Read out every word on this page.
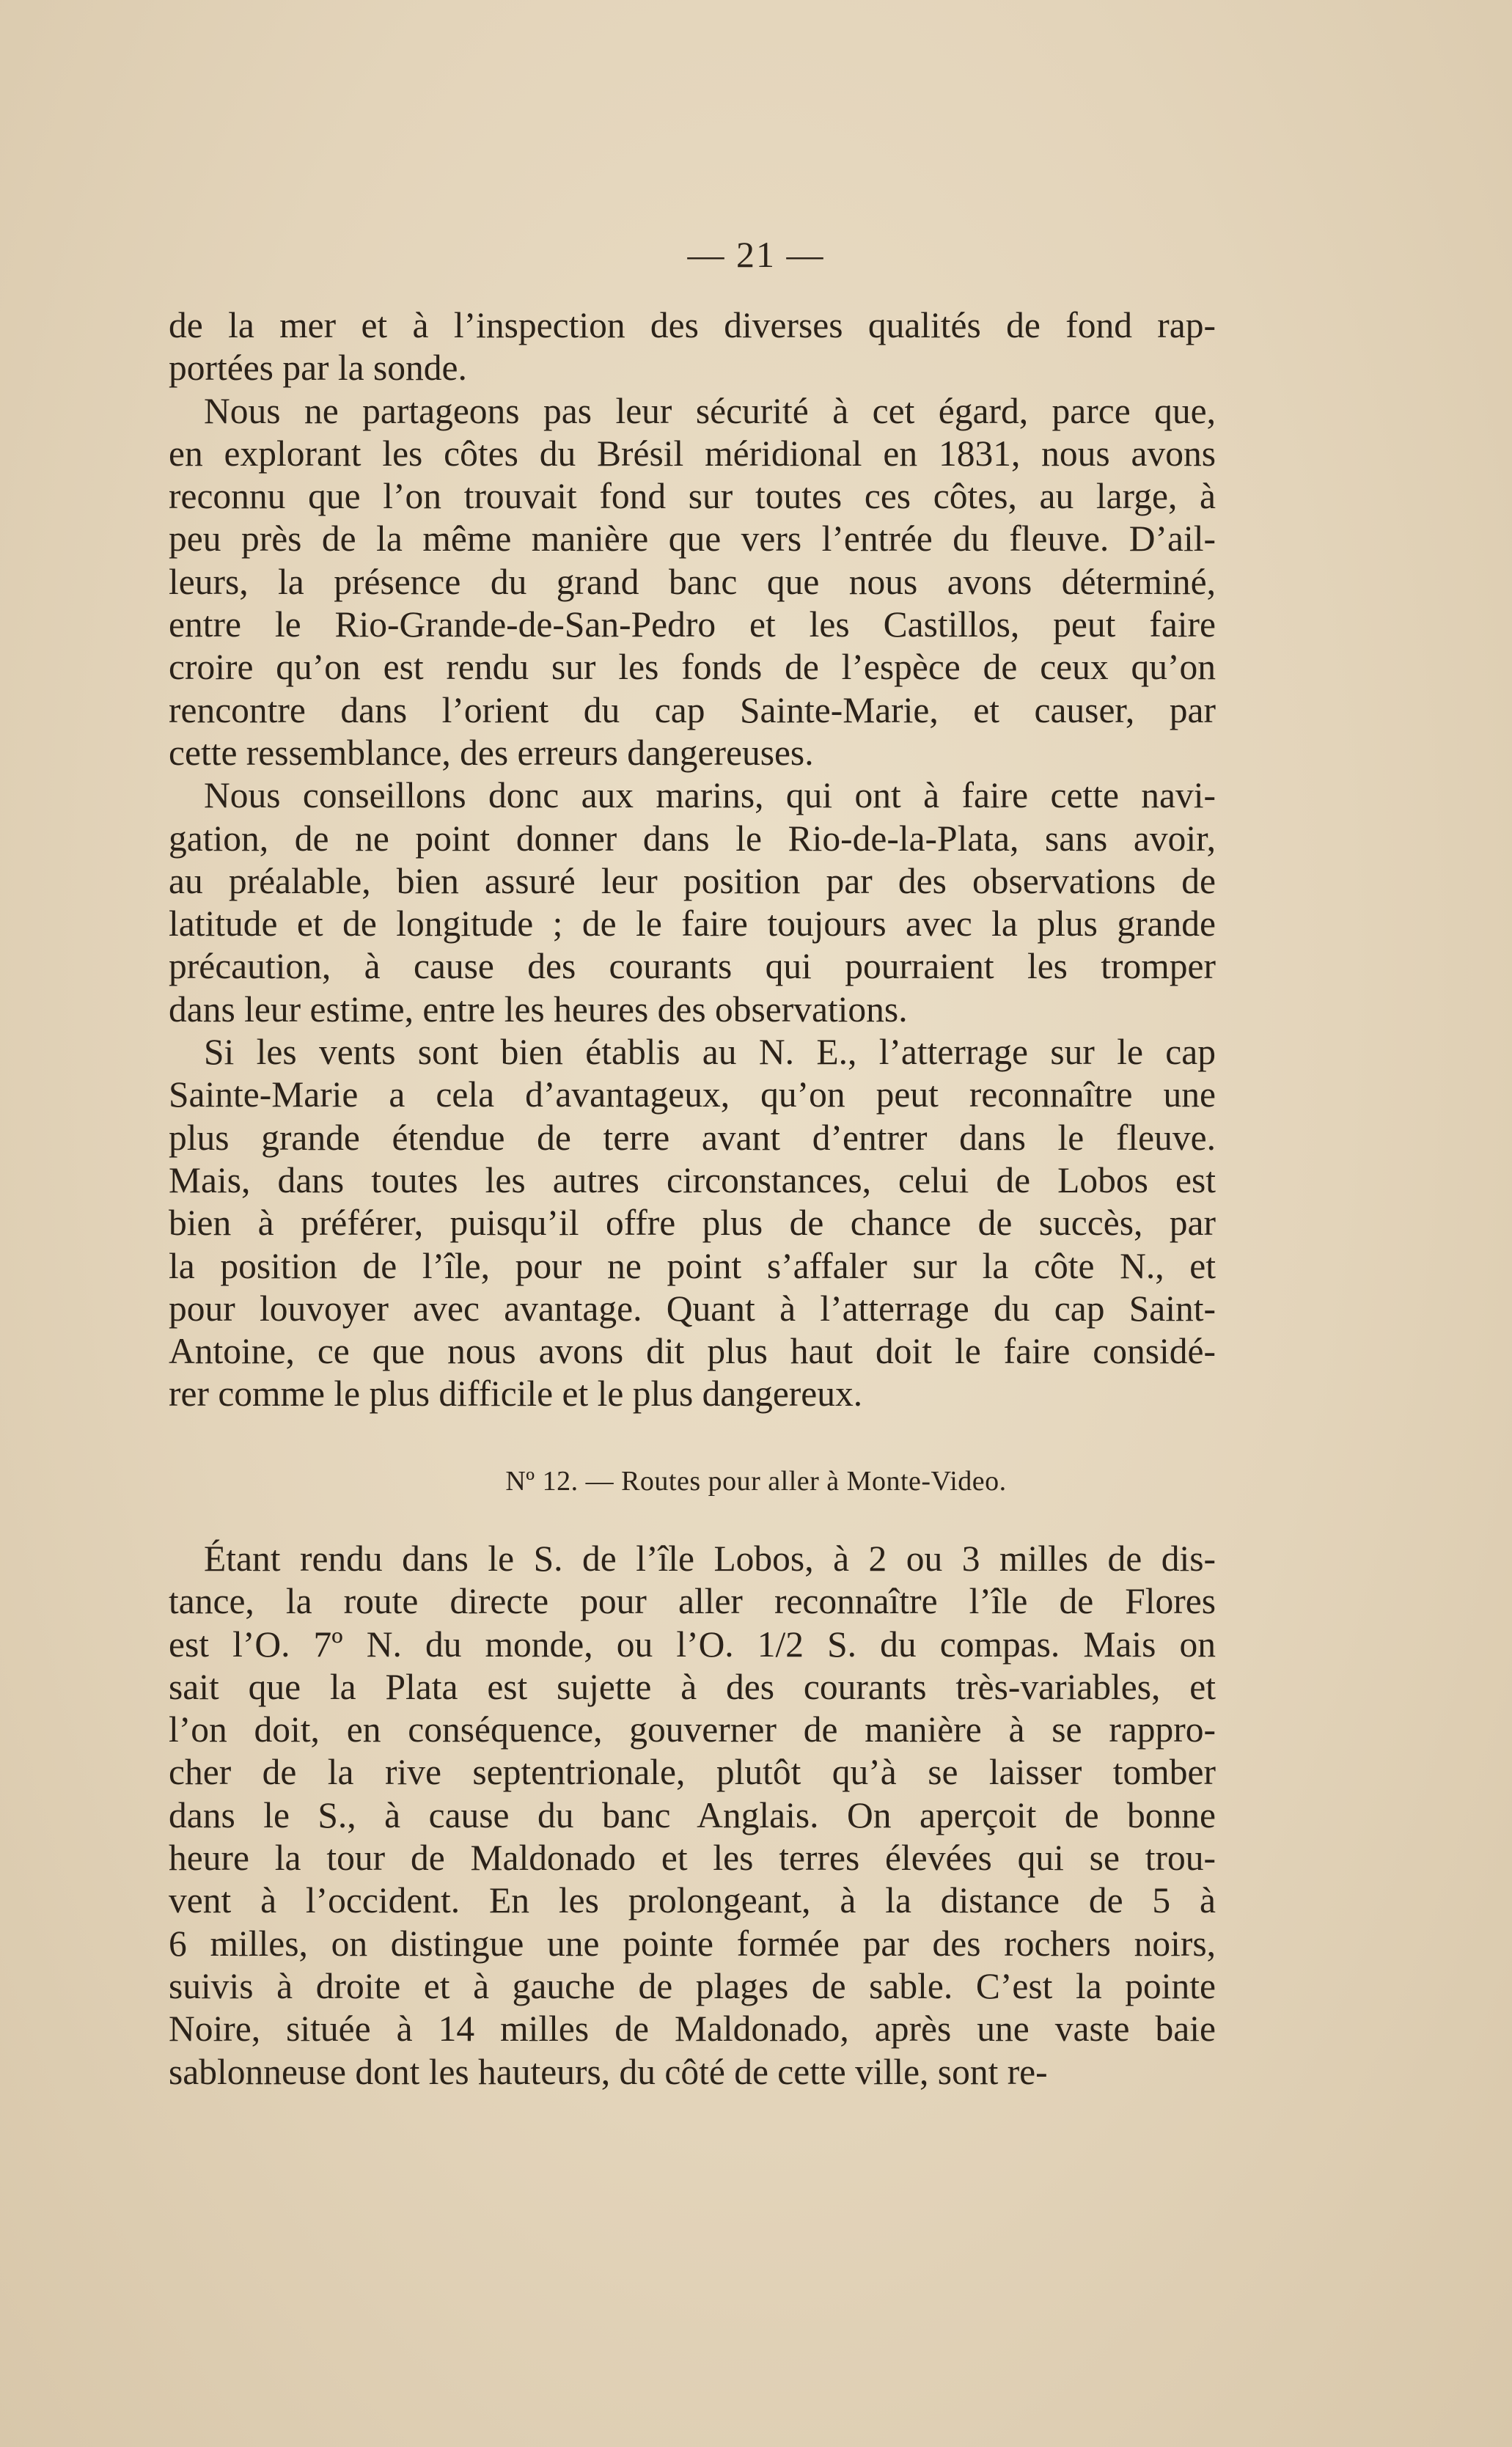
— 21 —
de la mer et à l’inspection des diverses qualités de fond rap-
portées par la sonde.
Nous ne partageons pas leur sécurité à cet égard, parce que,
en explorant les côtes du Brésil méridional en 1831, nous avons
reconnu que l’on trouvait fond sur toutes ces côtes, au large, à
peu près de la même manière que vers l’entrée du fleuve. D’ail-
leurs, la présence du grand banc que nous avons déterminé,
entre le Rio-Grande-de-San-Pedro et les Castillos, peut faire
croire qu’on est rendu sur les fonds de l’espèce de ceux qu’on
rencontre dans l’orient du cap Sainte-Marie, et causer, par
cette ressemblance, des erreurs dangereuses.
Nous conseillons donc aux marins, qui ont à faire cette navi-
gation, de ne point donner dans le Rio-de-la-Plata, sans avoir,
au préalable, bien assuré leur position par des observations de
latitude et de longitude ; de le faire toujours avec la plus grande
précaution, à cause des courants qui pourraient les tromper
dans leur estime, entre les heures des observations.
Si les vents sont bien établis au N. E., l’atterrage sur le cap
Sainte-Marie a cela d’avantageux, qu’on peut reconnaître une
plus grande étendue de terre avant d’entrer dans le fleuve.
Mais, dans toutes les autres circonstances, celui de Lobos est
bien à préférer, puisqu’il offre plus de chance de succès, par
la position de l’île, pour ne point s’affaler sur la côte N., et
pour louvoyer avec avantage. Quant à l’atterrage du cap Saint-
Antoine, ce que nous avons dit plus haut doit le faire considé-
rer comme le plus difficile et le plus dangereux.
Nº 12. — Routes pour aller à Monte-Video.
Étant rendu dans le S. de l’île Lobos, à 2 ou 3 milles de dis-
tance, la route directe pour aller reconnaître l’île de Flores
est l’O. 7º N. du monde, ou l’O. 1/2 S. du compas. Mais on
sait que la Plata est sujette à des courants très-variables, et
l’on doit, en conséquence, gouverner de manière à se rappro-
cher de la rive septentrionale, plutôt qu’à se laisser tomber
dans le S., à cause du banc Anglais. On aperçoit de bonne
heure la tour de Maldonado et les terres élevées qui se trou-
vent à l’occident. En les prolongeant, à la distance de 5 à
6 milles, on distingue une pointe formée par des rochers noirs,
suivis à droite et à gauche de plages de sable. C’est la pointe
Noire, située à 14 milles de Maldonado, après une vaste baie
sablonneuse dont les hauteurs, du côté de cette ville, sont re-
